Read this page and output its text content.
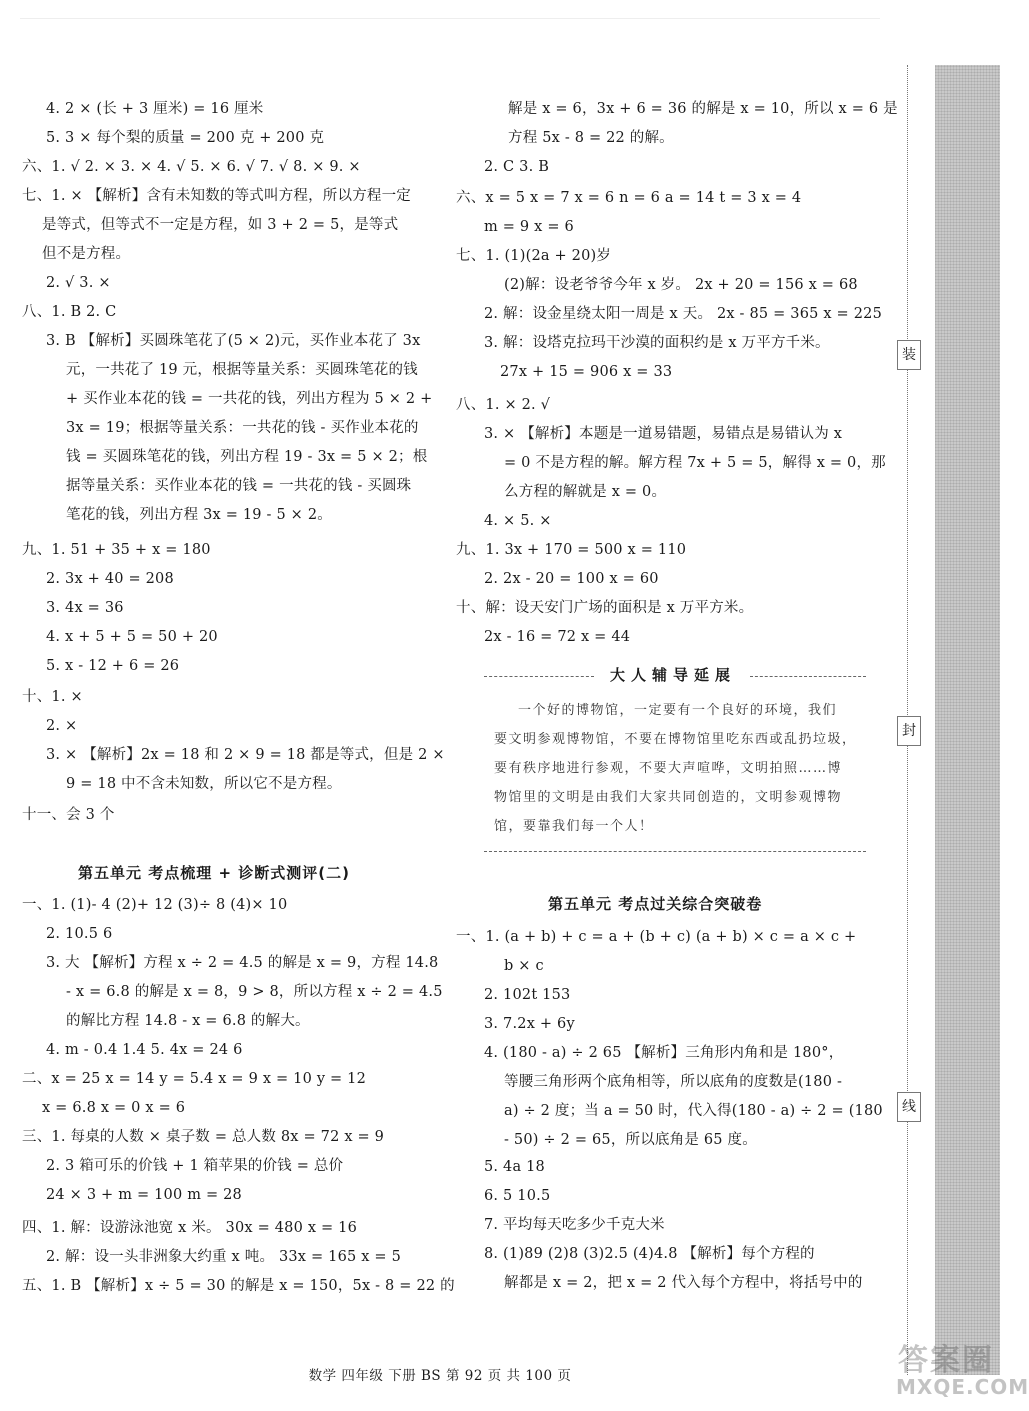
4. 2 × (长 + 3 厘米) = 16 厘米
5. 3 × 每个梨的质量 = 200 克 + 200 克
六、1. √ 2. × 3. × 4. √ 5. × 6. √ 7. √ 8. × 9. ×
七、1. × 【解析】含有未知数的等式叫方程，所以方程一定
是等式，但等式不一定是方程，如 3 + 2 = 5，是等式
但不是方程。
2. √ 3. ×
八、1. B 2. C
3. B 【解析】买圆珠笔花了(5 × 2)元，买作业本花了 3x
元，一共花了 19 元，根据等量关系：买圆珠笔花的钱
+ 买作业本花的钱 = 一共花的钱，列出方程为 5 × 2 +
3x = 19；根据等量关系：一共花的钱 - 买作业本花的
钱 = 买圆珠笔花的钱，列出方程 19 - 3x = 5 × 2；根
据等量关系：买作业本花的钱 = 一共花的钱 - 买圆珠
笔花的钱，列出方程 3x = 19 - 5 × 2。
九、1. 51 + 35 + x = 180
2. 3x + 40 = 208
3. 4x = 36
4. x + 5 + 5 = 50 + 20
5. x - 12 + 6 = 26
十、1. ×
2. ×
3. × 【解析】2x = 18 和 2 × 9 = 18 都是等式，但是 2 ×
9 = 18 中不含未知数，所以它不是方程。
十一、会 3 个
第五单元 考点梳理 + 诊断式测评(二)
一、1. (1)- 4 (2)+ 12 (3)÷ 8 (4)× 10
2. 10.5 6
3. 大 【解析】方程 x ÷ 2 = 4.5 的解是 x = 9，方程 14.8
- x = 6.8 的解是 x = 8，9 > 8，所以方程 x ÷ 2 = 4.5
的解比方程 14.8 - x = 6.8 的解大。
4. m - 0.4 1.4 5. 4x = 24 6
二、x = 25 x = 14 y = 5.4 x = 9 x = 10 y = 12
x = 6.8 x = 0 x = 6
三、1. 每桌的人数 × 桌子数 = 总人数 8x = 72 x = 9
2. 3 箱可乐的价钱 + 1 箱苹果的价钱 = 总价
24 × 3 + m = 100 m = 28
四、1. 解：设游泳池宽 x 米。 30x = 480 x = 16
2. 解：设一头非洲象大约重 x 吨。 33x = 165 x = 5
五、1. B 【解析】x ÷ 5 = 30 的解是 x = 150，5x - 8 = 22 的
解是 x = 6，3x + 6 = 36 的解是 x = 10，所以 x = 6 是
方程 5x - 8 = 22 的解。
2. C 3. B
六、x = 5 x = 7 x = 6 n = 6 a = 14 t = 3 x = 4
m = 9 x = 6
七、1. (1)(2a + 20)岁
(2)解：设老爷爷今年 x 岁。 2x + 20 = 156 x = 68
2. 解：设金星绕太阳一周是 x 天。 2x - 85 = 365 x = 225
3. 解：设塔克拉玛干沙漠的面积约是 x 万平方千米。
27x + 15 = 906 x = 33
八、1. × 2. √
3. × 【解析】本题是一道易错题，易错点是易错认为 x
= 0 不是方程的解。解方程 7x + 5 = 5，解得 x = 0，那
么方程的解就是 x = 0。
4. × 5. ×
九、1. 3x + 170 = 500 x = 110
2. 2x - 20 = 100 x = 60
十、解：设天安门广场的面积是 x 万平方米。
2x - 16 = 72 x = 44
大人辅导延展
一个好的博物馆，一定要有一个良好的环境，我们
要文明参观博物馆，不要在博物馆里吃东西或乱扔垃圾，
要有秩序地进行参观，不要大声喧哗，文明拍照……博
物馆里的文明是由我们大家共同创造的，文明参观博物
馆，要靠我们每一个人！
第五单元 考点过关综合突破卷
一、1. (a + b) + c = a + (b + c) (a + b) × c = a × c +
b × c
2. 102t 153
3. 7.2x + 6y
4. (180 - a) ÷ 2 65 【解析】三角形内角和是 180°，
等腰三角形两个底角相等，所以底角的度数是(180 -
a) ÷ 2 度；当 a = 50 时，代入得(180 - a) ÷ 2 = (180
- 50) ÷ 2 = 65，所以底角是 65 度。
5. 4a 18
6. 5 10.5
7. 平均每天吃多少千克大米
8. (1)89 (2)8 (3)2.5 (4)4.8 【解析】每个方程的
解都是 x = 2，把 x = 2 代入每个方程中，将括号中的
数学 四年级 下册 BS 第 92 页 共 100 页
装
封
线
答案圈
MXQE.COM
